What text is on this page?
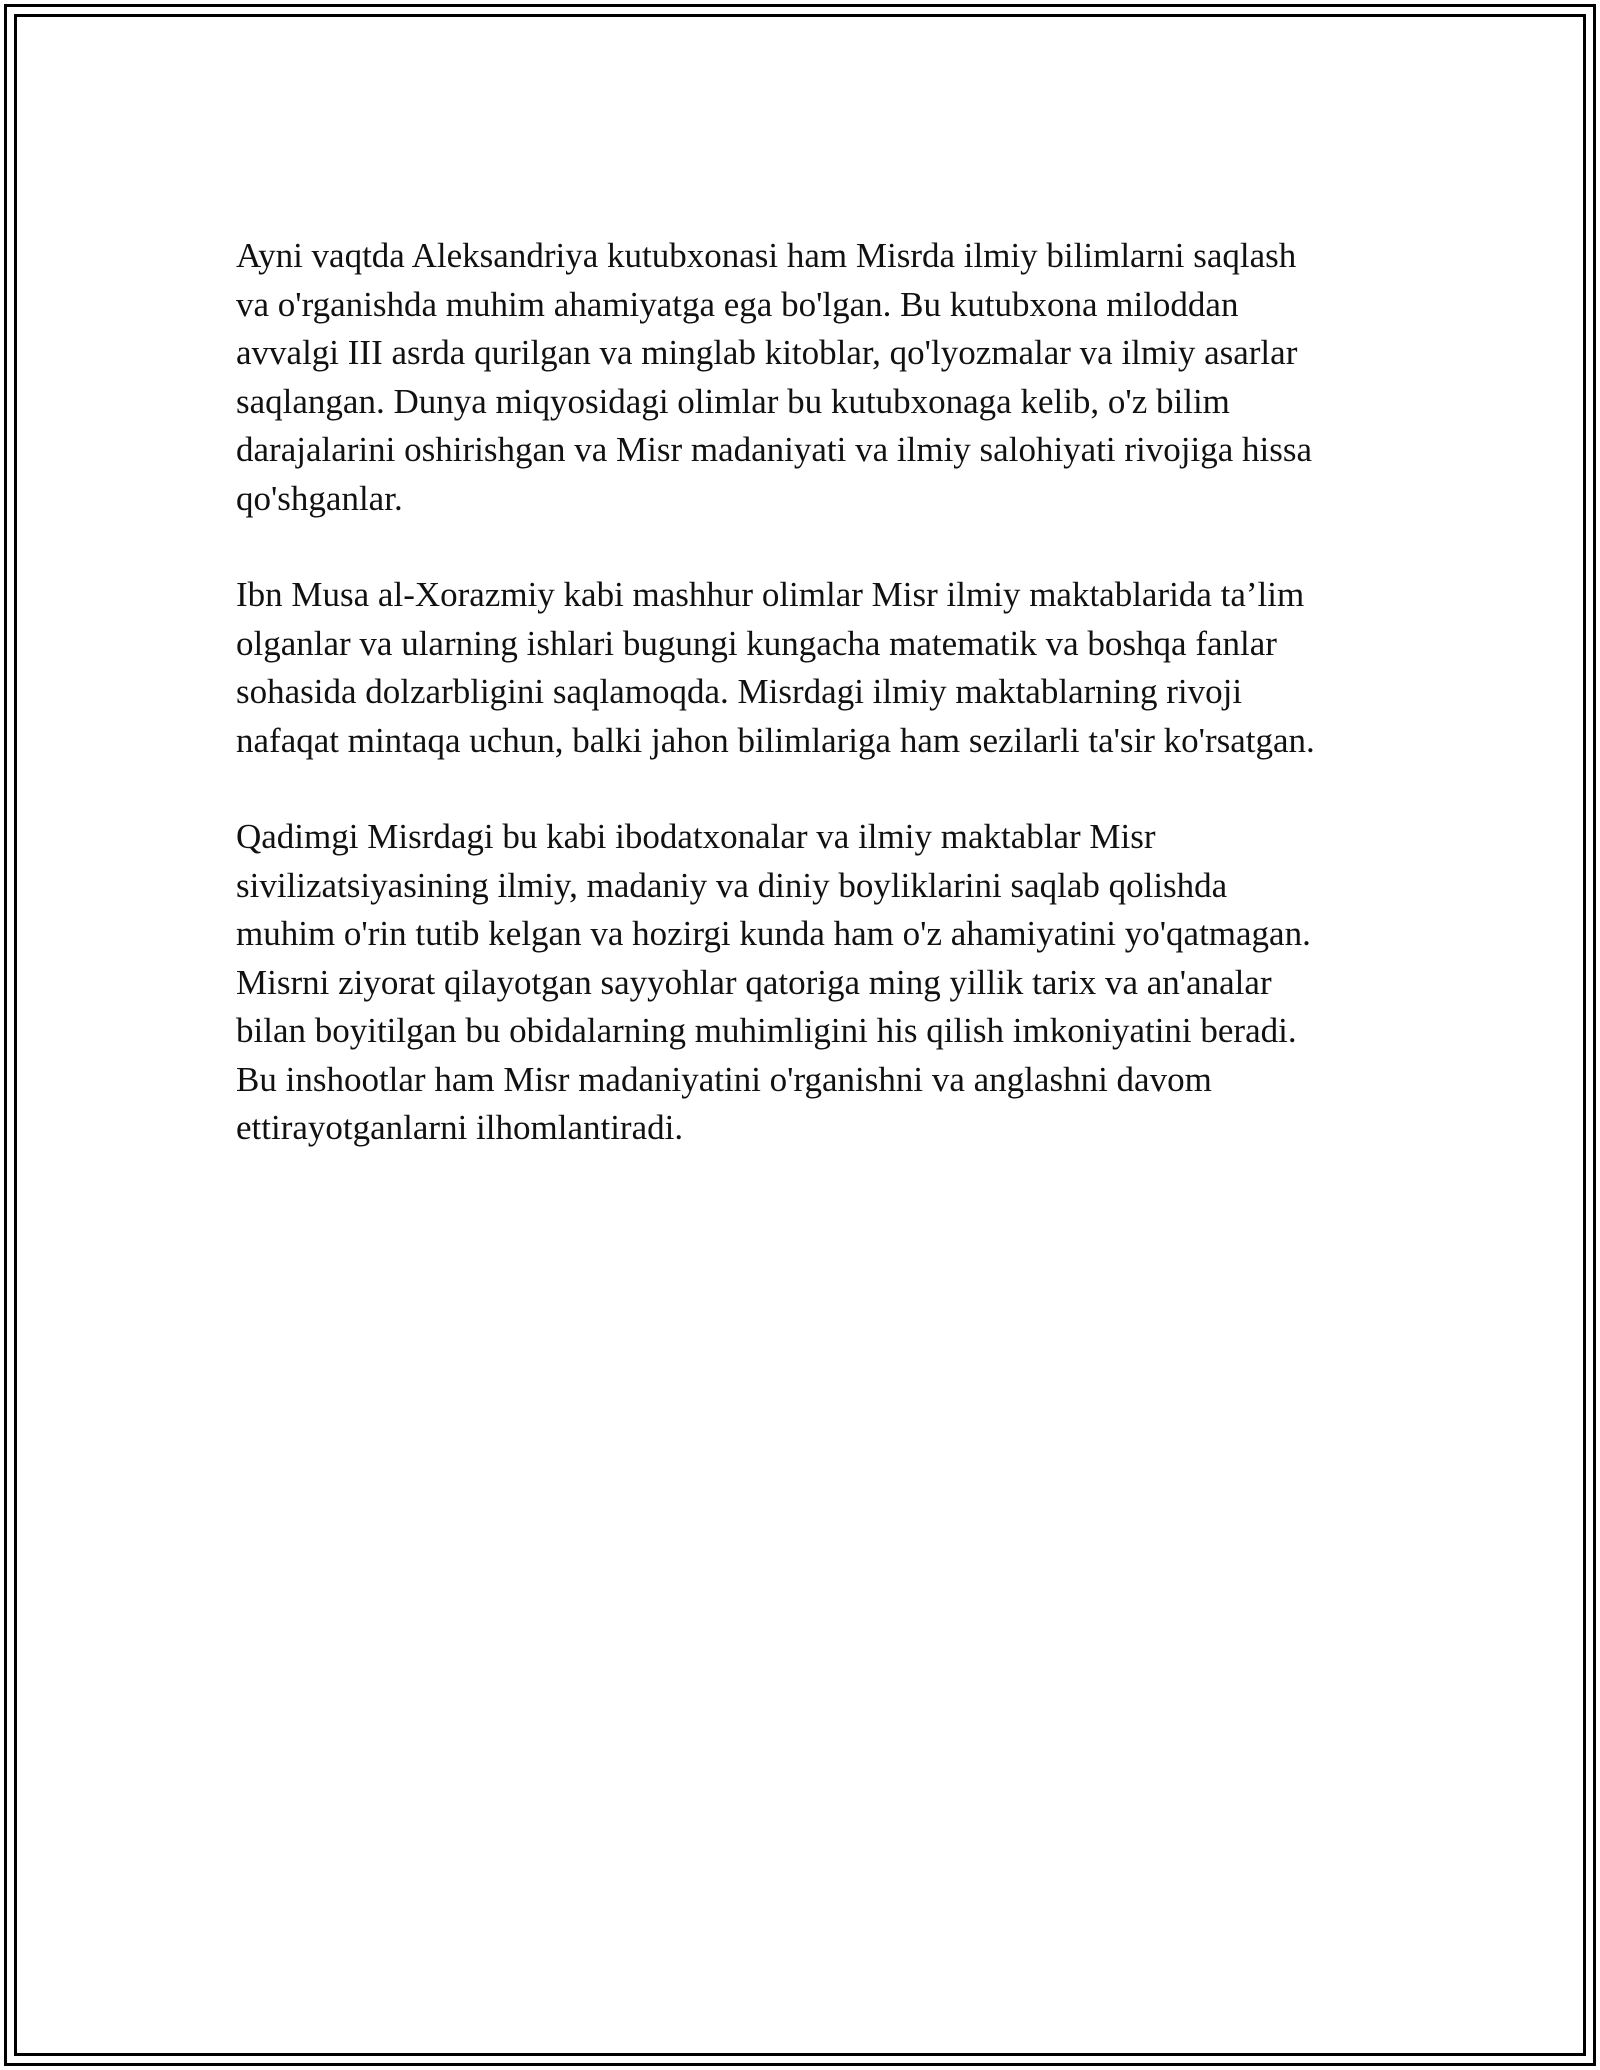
Ayni vaqtda Aleksandriya kutubxonasi ham Misrda ilmiy bilimlarni saqlash
va o'rganishda muhim ahamiyatga ega bo'lgan. Bu kutubxona miloddan
avvalgi III asrda qurilgan va minglab kitoblar, qo'lyozmalar va ilmiy asarlar
saqlangan. Dunya miqyosidagi olimlar bu kutubxonaga kelib, o'z bilim
darajalarini oshirishgan va Misr madaniyati va ilmiy salohiyati rivojiga hissa
qo'shganlar.

Ibn Musa al-Xorazmiy kabi mashhur olimlar Misr ilmiy maktablarida ta’lim
olganlar va ularning ishlari bugungi kungacha matematik va boshqa fanlar
sohasida dolzarbligini saqlamoqda. Misrdagi ilmiy maktablarning rivoji
nafaqat mintaqa uchun, balki jahon bilimlariga ham sezilarli ta'sir ko'rsatgan.

Qadimgi Misrdagi bu kabi ibodatxonalar va ilmiy maktablar Misr
sivilizatsiyasining ilmiy, madaniy va diniy boyliklarini saqlab qolishda
muhim o'rin tutib kelgan va hozirgi kunda ham o'z ahamiyatini yo'qatmagan.
Misrni ziyorat qilayotgan sayyohlar qatoriga ming yillik tarix va an'analar
bilan boyitilgan bu obidalarning muhimligini his qilish imkoniyatini beradi.
Bu inshootlar ham Misr madaniyatini o'rganishni va anglashni davom
ettirayotganlarni ilhomlantiradi.
